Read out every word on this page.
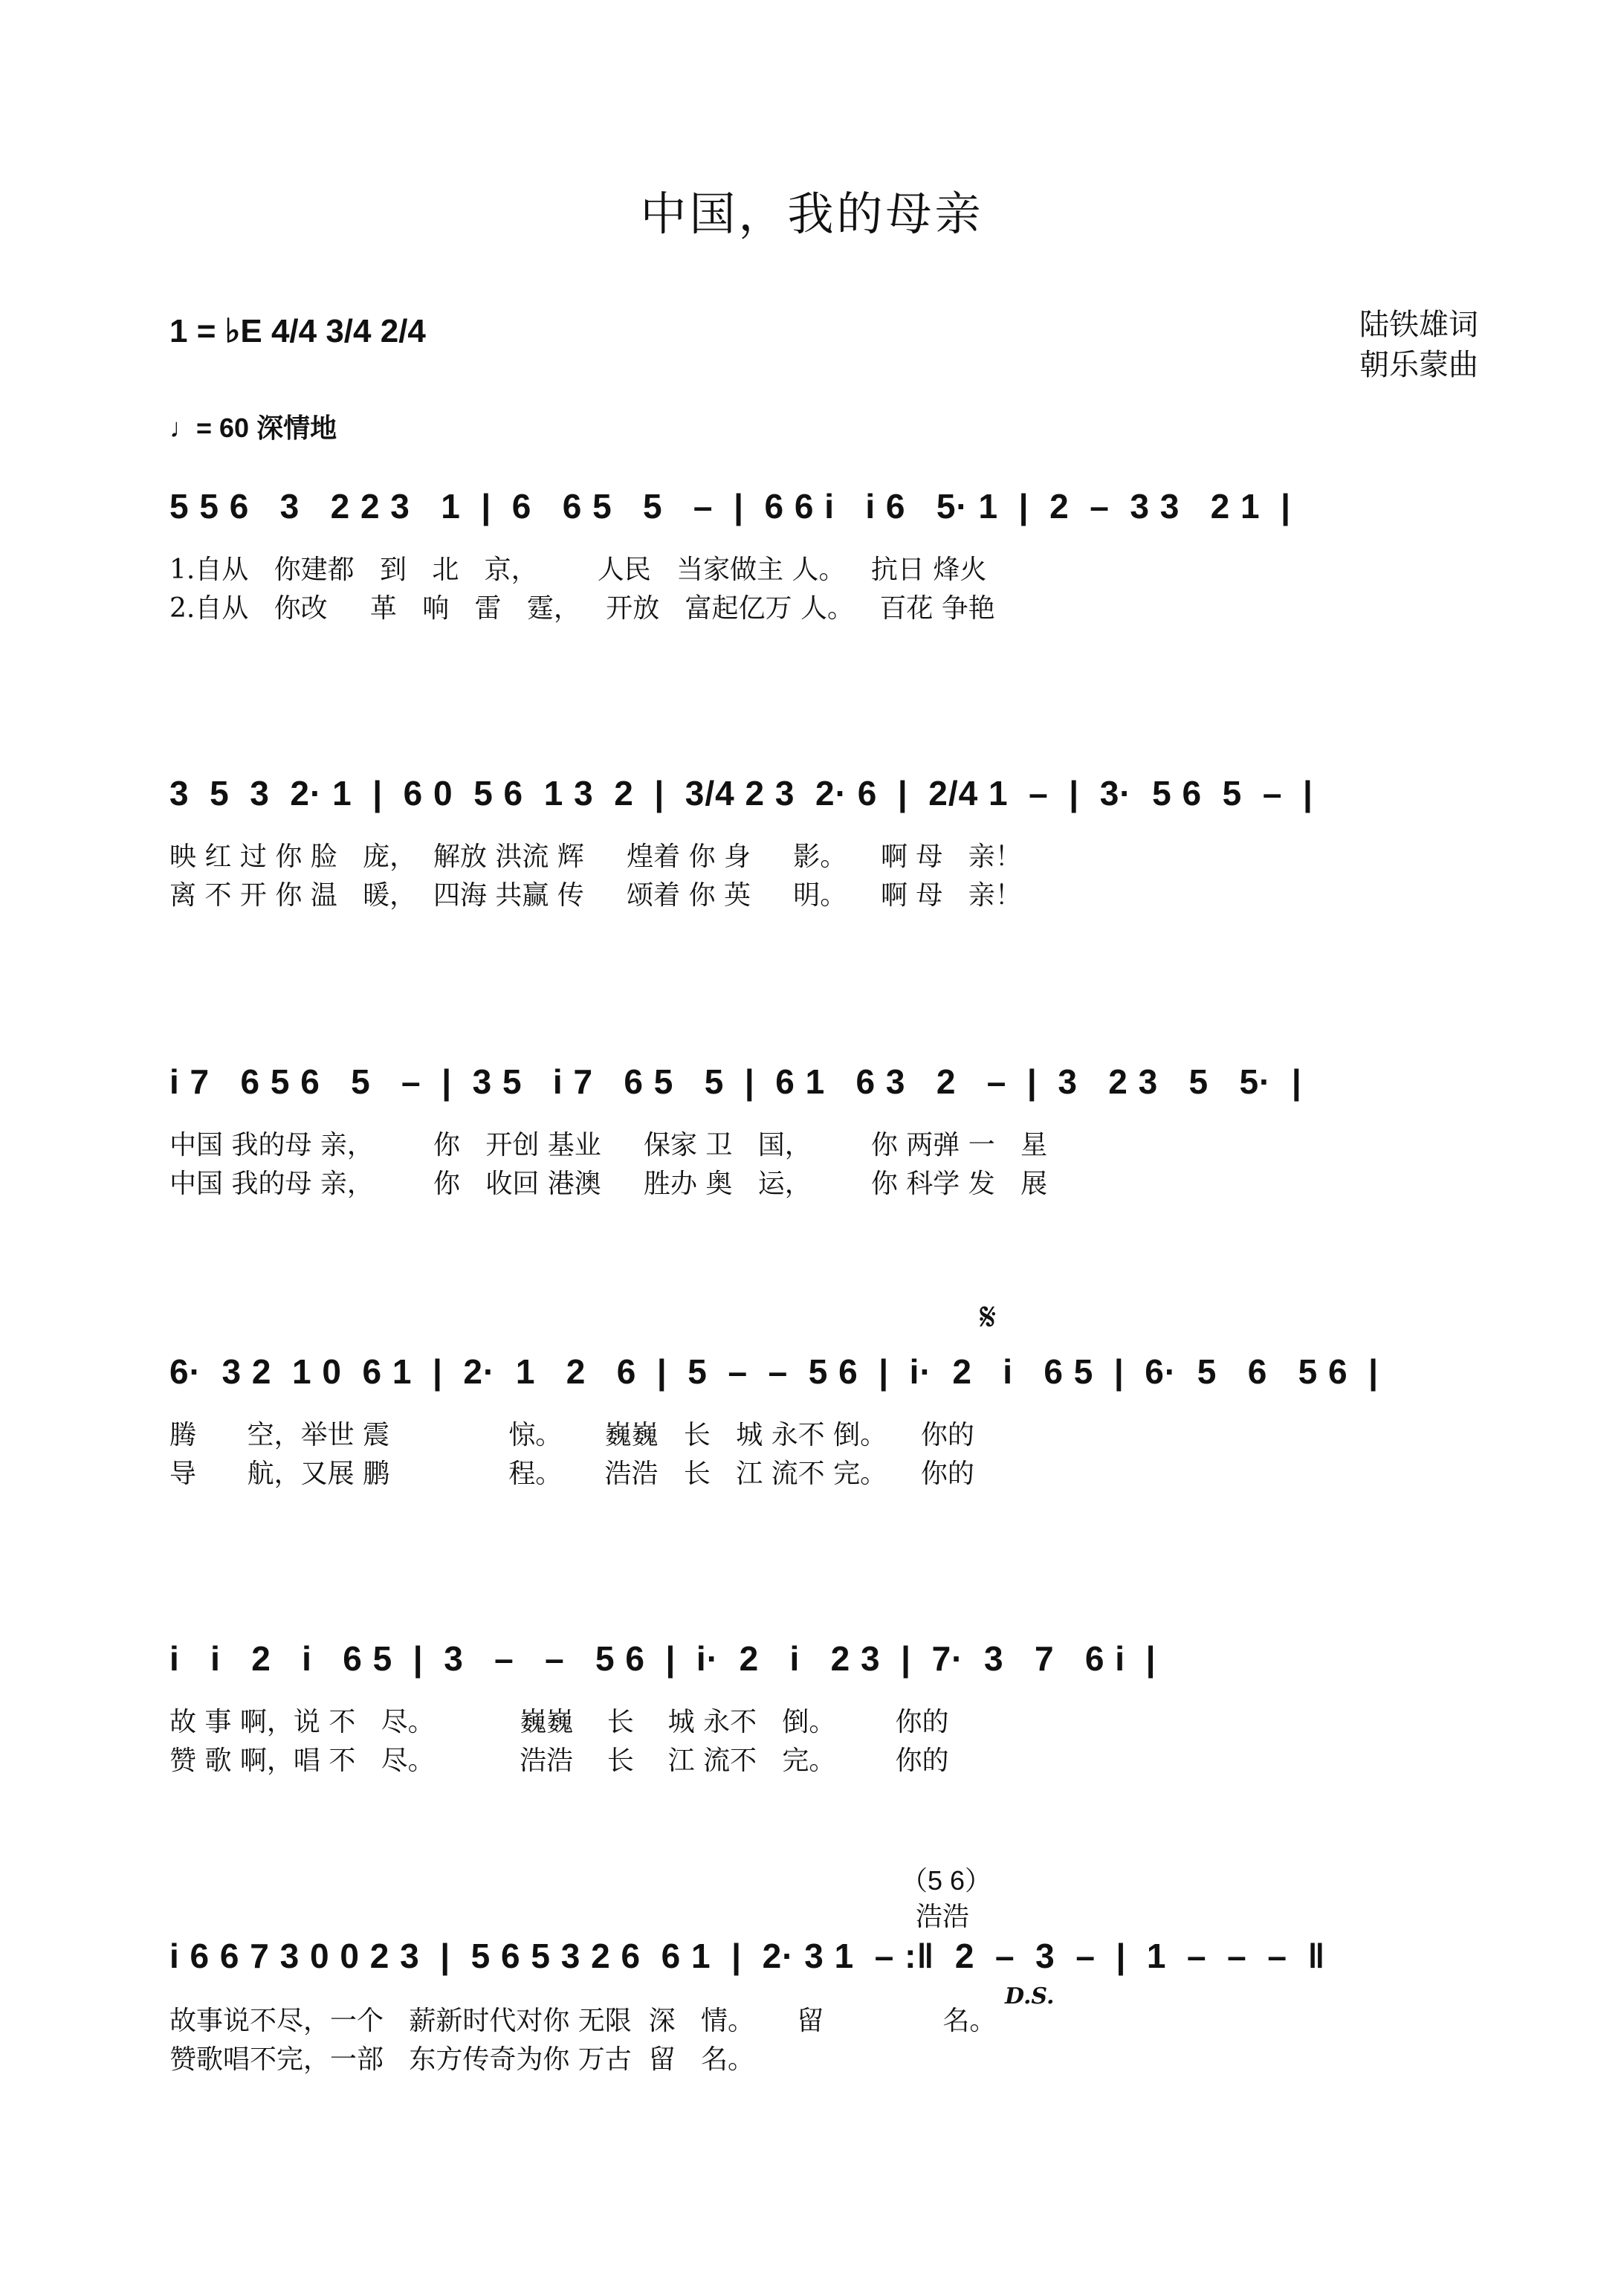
中国，我的母亲
1 = ♭E 4/4 3/4 2/4	陆铁雄词
朝乐蒙曲
♩= 60 深情地
5 5 6   3   2 2 3   1  |  6   6 5   5   –  |  6 6 i   i 6   5· 1  |  2  –  3 3   2 1  |
1.自从   你建都   到   北   京，       人民   当家做主 人。   抗日 烽火
2.自从   你改     革   响   雷   霆，   开放   富起亿万 人。   百花 争艳
3  5  3  2· 1  |  6 0  5 6  1 3  2  |  3/4 2 3  2· 6  |  2/4 1  –  |  3·  5 6  5  –  |
映 红 过 你 脸   庞，  解放 洪流 辉     煌着 你 身     影。    啊 母   亲！
离 不 开 你 温   暖，  四海 共赢 传     颂着 你 英     明。    啊 母   亲！
i 7   6 5 6   5   –  |  3 5   i 7   6 5   5  |  6 1   6 3   2   –  |  3   2 3   5   5·  |
中国 我的母 亲，       你   开创 基业     保家 卫   国，       你 两弹 一   星
中国 我的母 亲，       你   收回 港澳     胜办 奥   运，       你 科学 发   展
𝄋
6·  3 2  1 0  6 1  |  2·  1   2   6  |  5  –  –  5 6  |  i·  2   i   6 5  |  6·  5   6   5 6  |
腾      空，举世 震              惊。     巍巍   长   城 永不 倒。    你的
导      航，又展 鹏              程。     浩浩   长   江 流不 完。    你的
i   i   2   i   6 5  |  3   –   –   5 6  |  i·  2   i   2 3  |  7·  3   7   6 i  |
故 事 啊，说 不   尽。          巍巍    长    城 永不   倒。       你的
赞 歌 啊，唱 不   尽。          浩浩    长    江 流不   完。       你的
（5 6）
浩浩
i 6 6 7 3 0 0 2 3  |  5 6 5 3 2 6  6 1  |  2· 3 1  – :‖  2  –  3  –  |  1  –  –  –  ‖
D.S.
故事说不尽，一个   薪新时代对你 无限  深   情。     留              名。
赞歌唱不完，一部   东方传奇为你 万古  留   名。
